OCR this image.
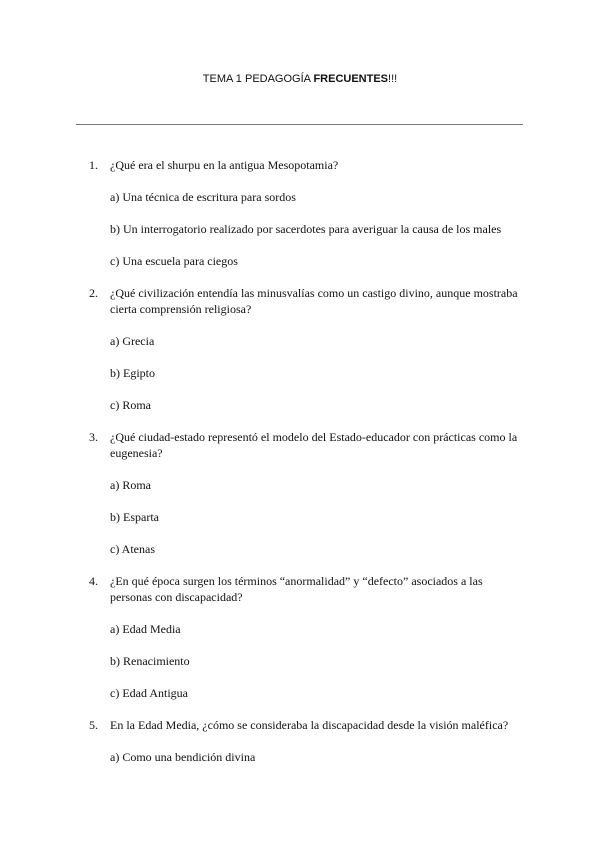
TEMA 1 PEDAGOGÍA FRECUENTES!!!
1. ¿Qué era el shurpu en la antigua Mesopotamia?
a) Una técnica de escritura para sordos
b) Un interrogatorio realizado por sacerdotes para averiguar la causa de los males
c) Una escuela para ciegos
2. ¿Qué civilización entendía las minusvalías como un castigo divino, aunque mostraba cierta comprensión religiosa?
a) Grecia
b) Egipto
c) Roma
3. ¿Qué ciudad-estado representó el modelo del Estado-educador con prácticas como la eugenesia?
a) Roma
b) Esparta
c) Atenas
4. ¿En qué época surgen los términos “anormalidad” y “defecto” asociados a las personas con discapacidad?
a) Edad Media
b) Renacimiento
c) Edad Antigua
5. En la Edad Media, ¿cómo se consideraba la discapacidad desde la visión maléfica?
a) Como una bendición divina
